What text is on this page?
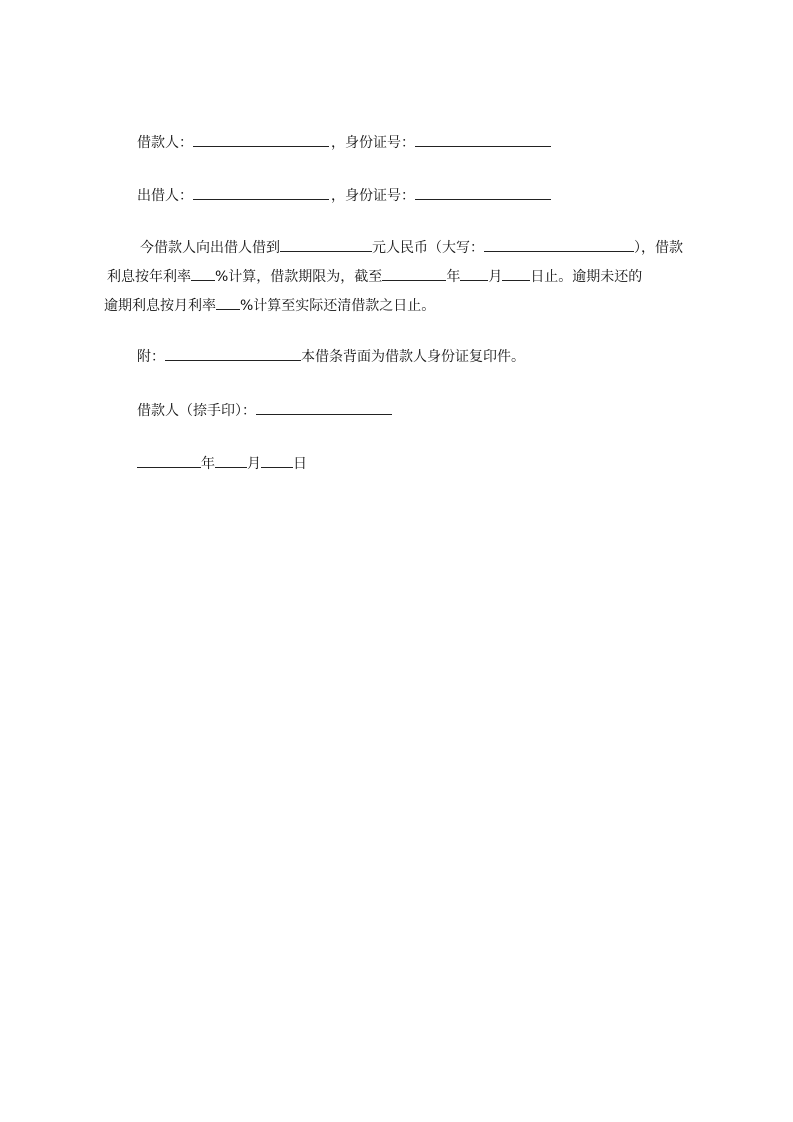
借款人：	，身份证号：
出借人：	，身份证号：
今借款人向出借人借到	元人民币（大写：	），借款
利息按年利率 %计算，借款期限为，截至	年 月 日止。逾期未还的
逾期利息按月利率 %计算至实际还清借款之日止。
附：	本借条背面为借款人身份证复印件。
借款人（捺手印）：
年 月 日
